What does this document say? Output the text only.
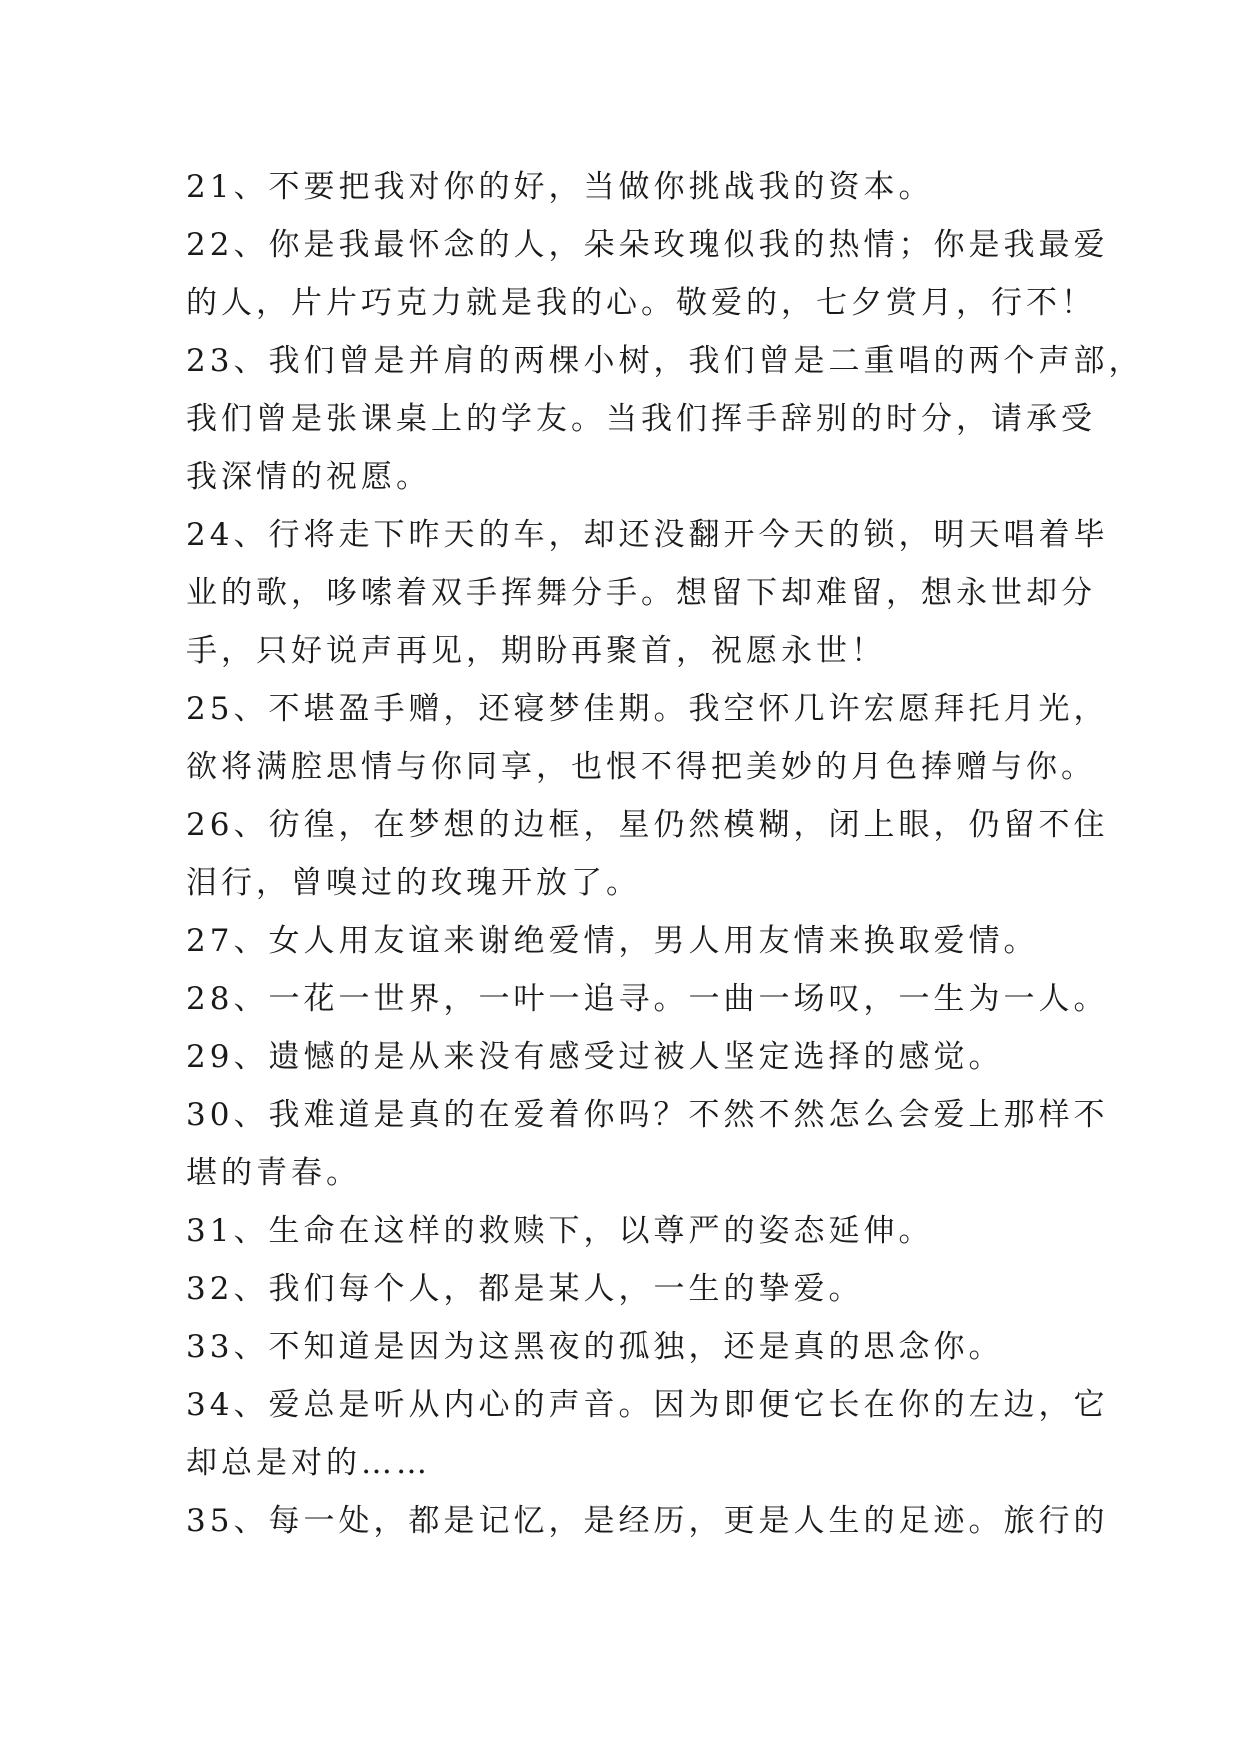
21、不要把我对你的好，当做你挑战我的资本。
22、你是我最怀念的人，朵朵玫瑰似我的热情；你是我最爱
的人，片片巧克力就是我的心。敬爱的，七夕赏月，行不！
23、我们曾是并肩的两棵小树，我们曾是二重唱的两个声部，
我们曾是张课桌上的学友。当我们挥手辞别的时分，请承受
我深情的祝愿。
24、行将走下昨天的车，却还没翻开今天的锁，明天唱着毕
业的歌，哆嗦着双手挥舞分手。想留下却难留，想永世却分
手，只好说声再见，期盼再聚首，祝愿永世！
25、不堪盈手赠，还寝梦佳期。我空怀几许宏愿拜托月光，
欲将满腔思情与你同享，也恨不得把美妙的月色捧赠与你。
26、彷徨，在梦想的边框，星仍然模糊，闭上眼，仍留不住
泪行，曾嗅过的玫瑰开放了。
27、女人用友谊来谢绝爱情，男人用友情来换取爱情。
28、一花一世界，一叶一追寻。一曲一场叹，一生为一人。
29、遗憾的是从来没有感受过被人坚定选择的感觉。
30、我难道是真的在爱着你吗？不然不然怎么会爱上那样不
堪的青春。
31、生命在这样的救赎下，以尊严的姿态延伸。
32、我们每个人，都是某人，一生的挚爱。
33、不知道是因为这黑夜的孤独，还是真的思念你。
34、爱总是听从内心的声音。因为即便它长在你的左边，它
却总是对的……
35、每一处，都是记忆，是经历，更是人生的足迹。旅行的
